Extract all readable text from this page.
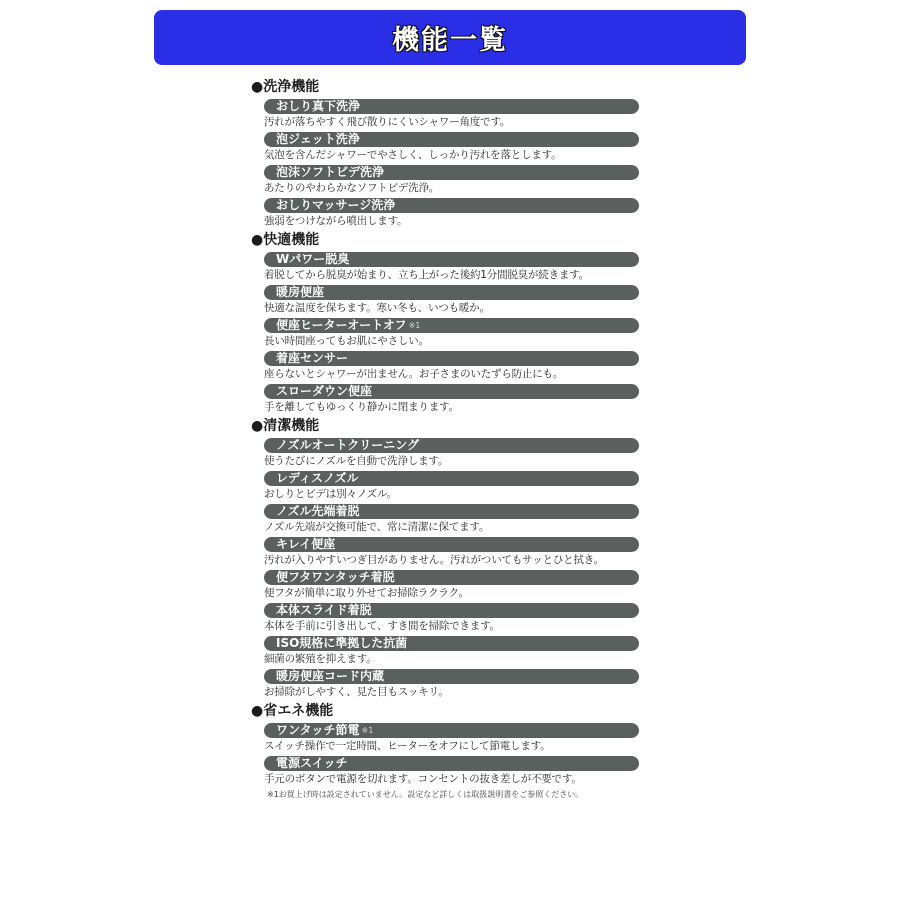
機能一覧
●洗浄機能
おしり真下洗浄
汚れが落ちやすく飛び散りにくいシャワー角度です。
泡ジェット洗浄
気泡を含んだシャワーでやさしく、しっかり汚れを落とします。
泡沫ソフトビデ洗浄
あたりのやわらかなソフトビデ洗浄。
おしりマッサージ洗浄
強弱をつけながら噴出します。
●快適機能
Wパワー脱臭
着脱してから脱臭が始まり、立ち上がった後約1分間脱臭が続きます。
暖房便座
快適な温度を保ちます。寒い冬も、いつも暖か。
便座ヒーターオートオフ ※1
長い時間座ってもお肌にやさしい。
着座センサー
座らないとシャワーが出ません。お子さまのいたずら防止にも。
スローダウン便座
手を離してもゆっくり静かに閉まります。
●清潔機能
ノズルオートクリーニング
使うたびにノズルを自動で洗浄します。
レディスノズル
おしりとビデは別々ノズル。
ノズル先端着脱
ノズル先端が交換可能で、常に清潔に保てます。
キレイ便座
汚れが入りやすいつぎ目がありません。汚れがついてもサッとひと拭き。
便フタワンタッチ着脱
便フタが簡単に取り外せてお掃除ラクラク。
本体スライド着脱
本体を手前に引き出して、すき間を掃除できます。
ISO規格に準拠した抗菌
細菌の繁殖を抑えます。
暖房便座コード内蔵
お掃除がしやすく、見た目もスッキリ。
●省エネ機能
ワンタッチ節電 ※1
スイッチ操作で一定時間、ヒーターをオフにして節電します。
電源スイッチ
手元のボタンで電源を切れます。コンセントの抜き差しが不要です。
※1お買上げ時は設定されていません。設定など詳しくは取扱説明書をご参照ください。
